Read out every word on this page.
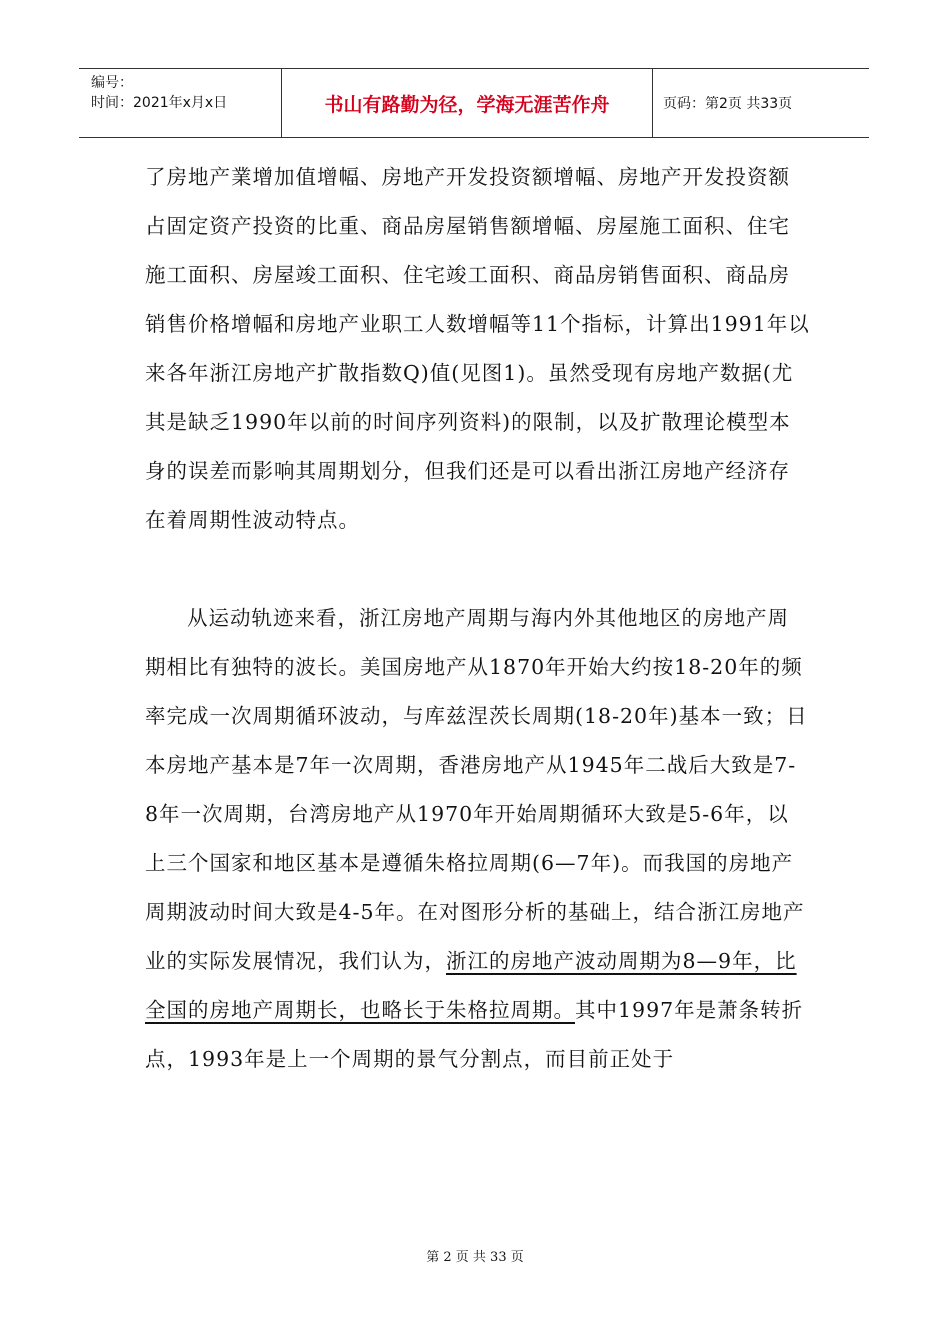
编号：
时间：2021年x月x日	书山有路勤为径，学海无涯苦作舟	页码：第2页 共33页

了房地产業增加值增幅、房地产开发投资额增幅、房地产开发投资额占固定资产投资的比重、商品房屋销售额增幅、房屋施工面积、住宅施工面积、房屋竣工面积、住宅竣工面积、商品房销售面积、商品房销售价格增幅和房地产业职工人数增幅等11个指标，计算出1991年以来各年浙江房地产扩散指数Q)值(见图1)。虽然受现有房地产数据(尤其是缺乏1990年以前的时间序列资料)的限制，以及扩散理论模型本身的误差而影响其周期划分，但我们还是可以看出浙江房地产经济存在着周期性波动特点。

从运动轨迹来看，浙江房地产周期与海内外其他地区的房地产周期相比有独特的波长。美国房地产从1870年开始大约按18-20年的频率完成一次周期循环波动，与库兹涅茨长周期(18-20年)基本一致；日本房地产基本是7年一次周期，香港房地产从1945年二战后大致是7-8年一次周期，台湾房地产从1970年开始周期循环大致是5-6年，以上三个国家和地区基本是遵循朱格拉周期(6—7年)。而我国的房地产周期波动时间大致是4-5年。在对图形分析的基础上，结合浙江房地产业的实际发展情况，我们认为，浙江的房地产波动周期为8—9年，比全国的房地产周期长，也略长于朱格拉周期。其中1997年是萧条转折点，1993年是上一个周期的景气分割点，而目前正处于

第 2 页 共 33 页
